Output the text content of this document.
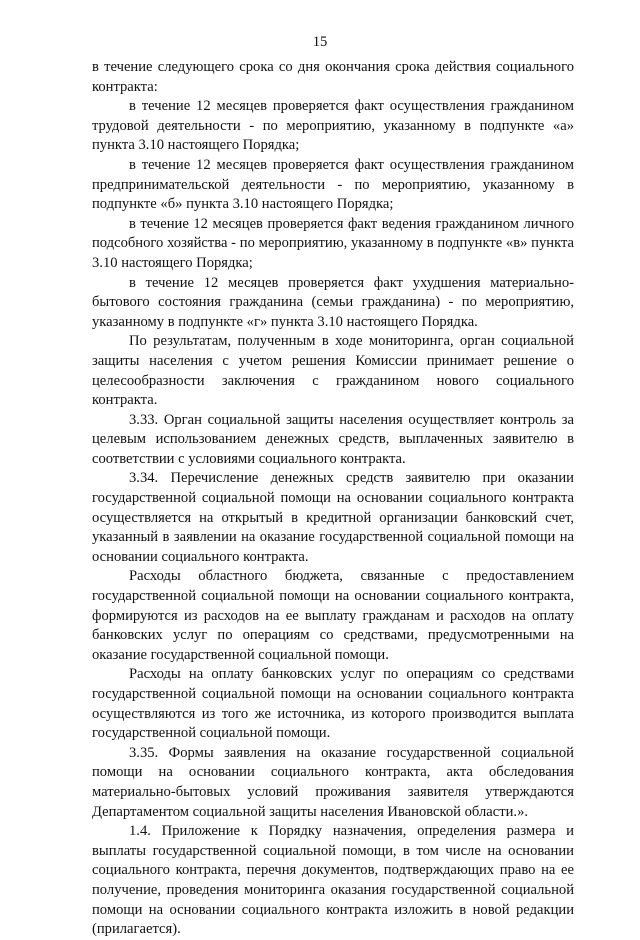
15

в течение следующего срока со дня окончания срока действия социального контракта:

в течение 12 месяцев проверяется факт осуществления гражданином трудовой деятельности - по мероприятию, указанному в подпункте «а» пункта 3.10 настоящего Порядка;

в течение 12 месяцев проверяется факт осуществления гражданином предпринимательской деятельности - по мероприятию, указанному в подпункте «б» пункта 3.10 настоящего Порядка;

в течение 12 месяцев проверяется факт ведения гражданином личного подсобного хозяйства - по мероприятию, указанному в подпункте «в» пункта 3.10 настоящего Порядка;

в течение 12 месяцев проверяется факт ухудшения материально-бытового состояния гражданина (семьи гражданина) - по мероприятию, указанному в подпункте «г» пункта 3.10 настоящего Порядка.

По результатам, полученным в ходе мониторинга, орган социальной защиты населения с учетом решения Комиссии принимает решение о целесообразности заключения с гражданином нового социального контракта.

3.33. Орган социальной защиты населения осуществляет контроль за целевым использованием денежных средств, выплаченных заявителю в соответствии с условиями социального контракта.

3.34. Перечисление денежных средств заявителю при оказании государственной социальной помощи на основании социального контракта осуществляется на открытый в кредитной организации банковский счет, указанный в заявлении на оказание государственной социальной помощи на основании социального контракта.

Расходы областного бюджета, связанные с предоставлением государственной социальной помощи на основании социального контракта, формируются из расходов на ее выплату гражданам и расходов на оплату банковских услуг по операциям со средствами, предусмотренными на оказание государственной социальной помощи.

Расходы на оплату банковских услуг по операциям со средствами государственной социальной помощи на основании социального контракта осуществляются из того же источника, из которого производится выплата государственной социальной помощи.

3.35. Формы заявления на оказание государственной социальной помощи на основании социального контракта, акта обследования материально-бытовых условий проживания заявителя утверждаются Департаментом социальной защиты населения Ивановской области.».

1.4. Приложение к Порядку назначения, определения размера и выплаты государственной социальной помощи, в том числе на основании социального контракта, перечня документов, подтверждающих право на ее получение, проведения мониторинга оказания государственной социальной помощи на основании социального контракта изложить в новой редакции (прилагается).
